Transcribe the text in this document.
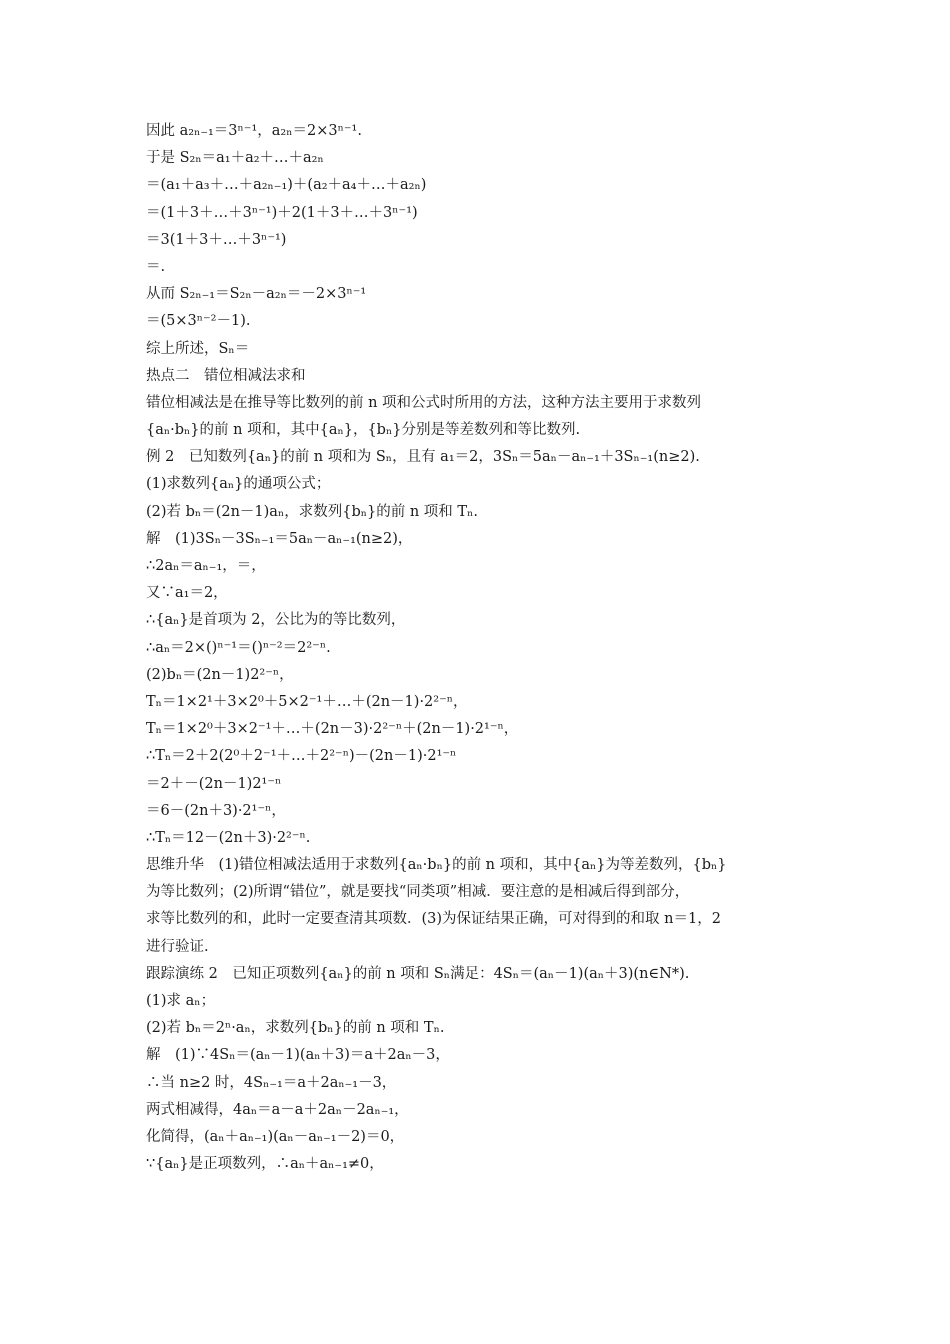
因此 a₂ₙ₋₁＝3ⁿ⁻¹，a₂ₙ＝2×3ⁿ⁻¹.
于是 S₂ₙ＝a₁＋a₂＋…＋a₂ₙ
＝(a₁＋a₃＋…＋a₂ₙ₋₁)＋(a₂＋a₄＋…＋a₂ₙ)
＝(1＋3＋…＋3ⁿ⁻¹)＋2(1＋3＋…＋3ⁿ⁻¹)
＝3(1＋3＋…＋3ⁿ⁻¹)
＝.
从而 S₂ₙ₋₁＝S₂ₙ－a₂ₙ＝－2×3ⁿ⁻¹
＝(5×3ⁿ⁻²－1).
综上所述，Sₙ＝
热点二　错位相减法求和
错位相减法是在推导等比数列的前 n 项和公式时所用的方法，这种方法主要用于求数列
{aₙ·bₙ}的前 n 项和，其中{aₙ}，{bₙ}分别是等差数列和等比数列.
例 2　已知数列{aₙ}的前 n 项和为 Sₙ，且有 a₁＝2，3Sₙ＝5aₙ－aₙ₋₁＋3Sₙ₋₁(n≥2).
(1)求数列{aₙ}的通项公式；
(2)若 bₙ＝(2n－1)aₙ，求数列{bₙ}的前 n 项和 Tₙ.
解　(1)3Sₙ－3Sₙ₋₁＝5aₙ－aₙ₋₁(n≥2)，
∴2aₙ＝aₙ₋₁，＝，
又∵a₁＝2，
∴{aₙ}是首项为 2，公比为的等比数列，
∴aₙ＝2×()ⁿ⁻¹＝()ⁿ⁻²＝2²⁻ⁿ.
(2)bₙ＝(2n－1)2²⁻ⁿ，
Tₙ＝1×2¹＋3×2⁰＋5×2⁻¹＋…＋(2n－1)·2²⁻ⁿ，
Tₙ＝1×2⁰＋3×2⁻¹＋…＋(2n－3)·2²⁻ⁿ＋(2n－1)·2¹⁻ⁿ，
∴Tₙ＝2＋2(2⁰＋2⁻¹＋…＋2²⁻ⁿ)－(2n－1)·2¹⁻ⁿ
＝2＋－(2n－1)2¹⁻ⁿ
＝6－(2n＋3)·2¹⁻ⁿ，
∴Tₙ＝12－(2n＋3)·2²⁻ⁿ.
思维升华　(1)错位相减法适用于求数列{aₙ·bₙ}的前 n 项和，其中{aₙ}为等差数列，{bₙ}
为等比数列；(2)所谓“错位”，就是要找“同类项”相减．要注意的是相减后得到部分，
求等比数列的和，此时一定要查清其项数．(3)为保证结果正确，可对得到的和取 n＝1，2
进行验证.
跟踪演练 2　已知正项数列{aₙ}的前 n 项和 Sₙ满足：4Sₙ＝(aₙ－1)(aₙ＋3)(n∈N*).
(1)求 aₙ；
(2)若 bₙ＝2ⁿ·aₙ，求数列{bₙ}的前 n 项和 Tₙ.
解　(1)∵4Sₙ＝(aₙ－1)(aₙ＋3)＝a＋2aₙ－3，
∴当 n≥2 时，4Sₙ₋₁＝a＋2aₙ₋₁－3，
两式相减得，4aₙ＝a－a＋2aₙ－2aₙ₋₁，
化简得，(aₙ＋aₙ₋₁)(aₙ－aₙ₋₁－2)＝0，
∵{aₙ}是正项数列，∴aₙ＋aₙ₋₁≠0，
